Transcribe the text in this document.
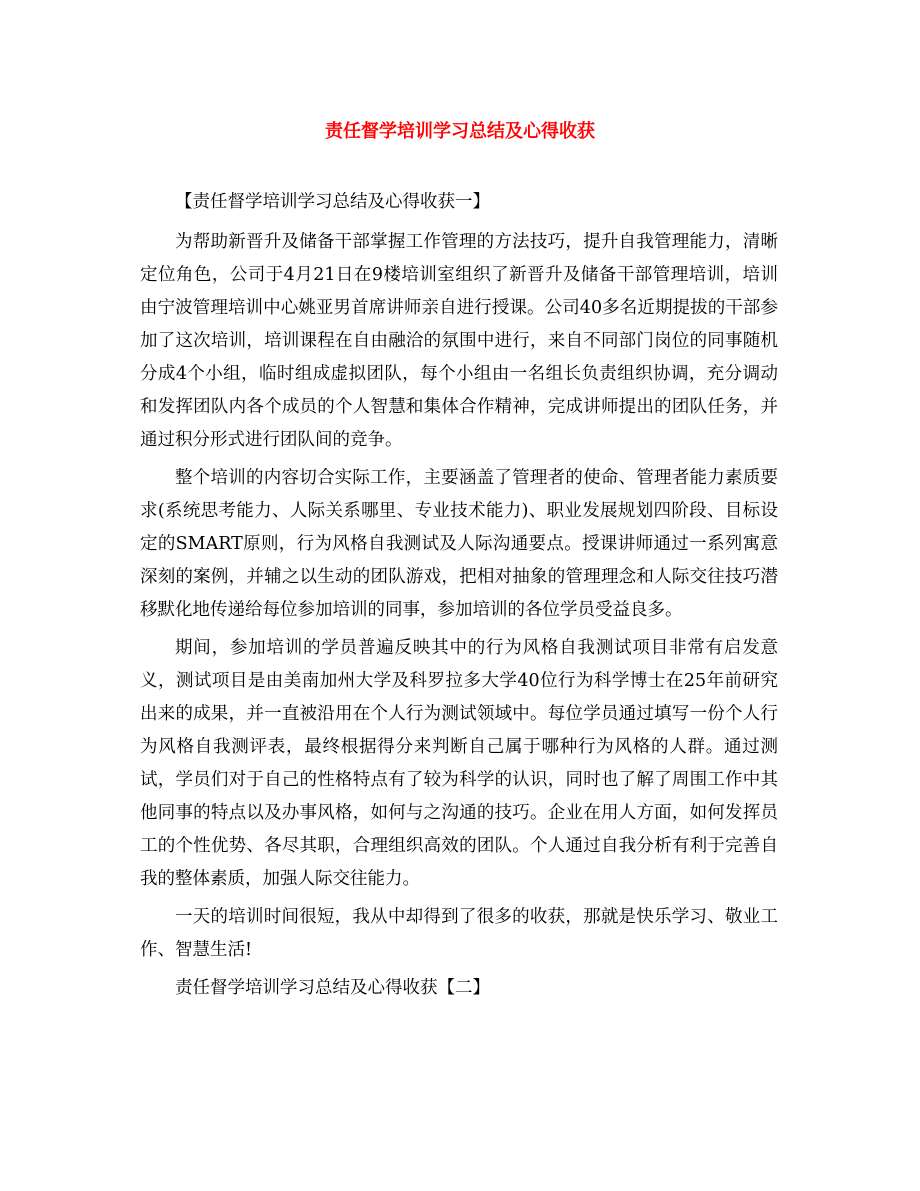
责任督学培训学习总结及心得收获

【责任督学培训学习总结及心得收获一】

为帮助新晋升及储备干部掌握工作管理的方法技巧，提升自我管理能力，清晰定位角色，公司于4月21日在9楼培训室组织了新晋升及储备干部管理培训，培训由宁波管理培训中心姚亚男首席讲师亲自进行授课。公司40多名近期提拔的干部参加了这次培训，培训课程在自由融洽的氛围中进行，来自不同部门岗位的同事随机分成4个小组，临时组成虚拟团队，每个小组由一名组长负责组织协调，充分调动和发挥团队内各个成员的个人智慧和集体合作精神，完成讲师提出的团队任务，并通过积分形式进行团队间的竞争。

整个培训的内容切合实际工作，主要涵盖了管理者的使命、管理者能力素质要求(系统思考能力、人际关系哪里、专业技术能力)、职业发展规划四阶段、目标设定的SMART原则，行为风格自我测试及人际沟通要点。授课讲师通过一系列寓意深刻的案例，并辅之以生动的团队游戏，把相对抽象的管理理念和人际交往技巧潜移默化地传递给每位参加培训的同事，参加培训的各位学员受益良多。

期间，参加培训的学员普遍反映其中的行为风格自我测试项目非常有启发意义，测试项目是由美南加州大学及科罗拉多大学40位行为科学博士在25年前研究出来的成果，并一直被沿用在个人行为测试领域中。每位学员通过填写一份个人行为风格自我测评表，最终根据得分来判断自己属于哪种行为风格的人群。通过测试，学员们对于自己的性格特点有了较为科学的认识，同时也了解了周围工作中其他同事的特点以及办事风格，如何与之沟通的技巧。企业在用人方面，如何发挥员工的个性优势、各尽其职，合理组织高效的团队。个人通过自我分析有利于完善自我的整体素质，加强人际交往能力。

一天的培训时间很短，我从中却得到了很多的收获，那就是快乐学习、敬业工作、智慧生活!

责任督学培训学习总结及心得收获【二】
